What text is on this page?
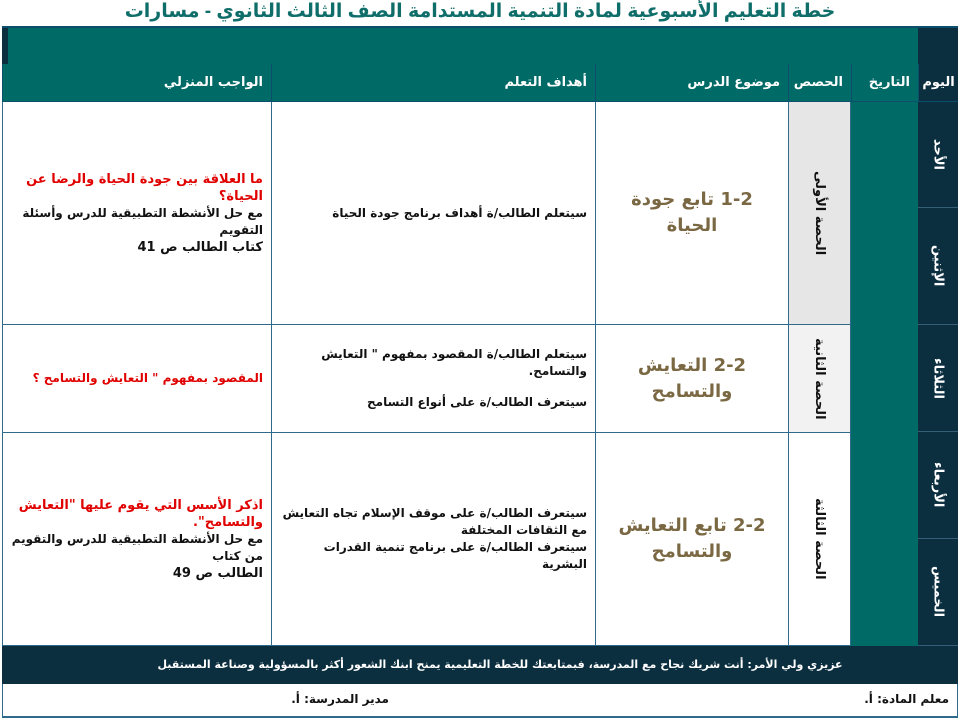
خطة التعليم الأسبوعية لمادة التنمية المستدامة الصف الثالث الثانوي - مسارات
اليوم
التاريخ
الحصص
موضوع الدرس
أهداف التعلم
الواجب المنزلي
الأحد
الإثنين
الثلاثاء
الأربعاء
الخميس
الحصة الأولى
1-2 تابع جودة الحياة
سيتعلم الطالب/ة أهداف برنامج جودة الحياة
ما العلاقة بين جودة الحياة والرضا عن الحياة؟
مع حل الأنشطة التطبيقية للدرس وأسئلة التقويم
كتاب الطالب ص 41
الحصة الثانية
2-2 التعايش والتسامح
سيتعلم الطالب/ة المقصود بمفهوم " التعايش والتسامح.
سيتعرف الطالب/ة على أنواع التسامح
المقصود بمفهوم " التعايش والتسامح ؟
الحصة الثالثة
2-2 تابع التعايش والتسامح
سيتعرف الطالب/ة على موقف الإسلام تجاه التعايش مع الثقافات المختلفة
سيتعرف الطالب/ة على برنامج تنمية القدرات البشرية
اذكر الأسس التي يقوم عليها "التعايش والتسامح".
مع حل الأنشطة التطبيقية للدرس والتقويم من كتاب
الطالب ص 49
عزيزي ولي الأمر: أنت شريك نجاح مع المدرسة، فبمتابعتك للخطة التعليمية يمنح ابنك الشعور أكثر بالمسؤولية وصناعة المستقبل
معلم المادة: أ.
مدير المدرسة: أ.
